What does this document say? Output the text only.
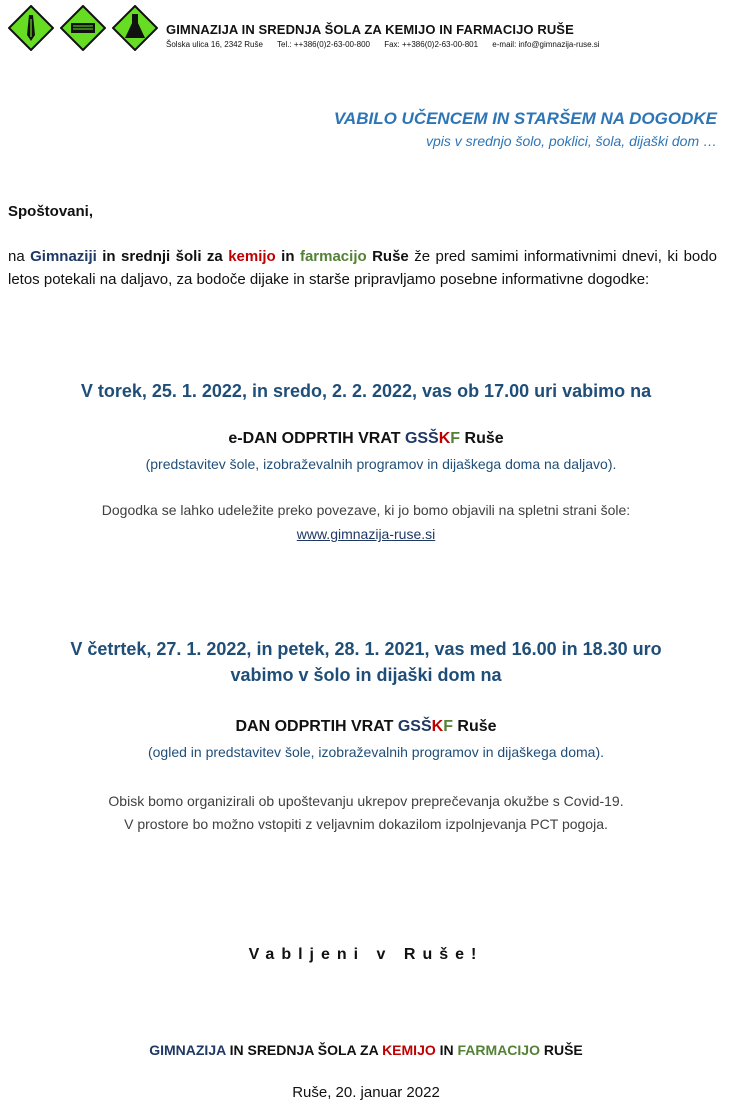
GIMNAZIJA IN SREDNJA ŠOLA ZA KEMIJO IN FARMACIJO RUŠE
Šolska ulica 16, 2342 Ruše Tel.: ++386(0)2-63-00-800 Fax: ++386(0)2-63-00-801 e-mail: info@gimnazija-ruse.si
VABILO UČENCEM IN STARŠEM NA DOGODKE
vpis v srednjo šolo, poklici, šola, dijaški dom …
Spoštovani,
na Gimnaziji in srednji šoli za kemijo in farmacijo Ruše že pred samimi informativnimi dnevi, ki bodo letos potekali na daljavo, za bodoče dijake in starše pripravljamo posebne informativne dogodke:
V torek, 25. 1. 2022, in sredo, 2. 2. 2022, vas ob 17.00 uri vabimo na
e-DAN ODPRTIH VRAT GSŠKF Ruše
(predstavitev šole, izobraževalnih programov in dijaškega doma na daljavo).
Dogodka se lahko udeležite preko povezave, ki jo bomo objavili na spletni strani šole:
www.gimnazija-ruse.si
V četrtek, 27. 1. 2022, in petek, 28. 1. 2021, vas med 16.00 in 18.30 uro
vabimo v šolo in dijaški dom na
DAN ODPRTIH VRAT GSŠKF Ruše
(ogled in predstavitev šole, izobraževalnih programov in dijaškega doma).
Obisk bomo organizirali ob upoštevanju ukrepov preprečevanja okužbe s Covid-19.
V prostore bo možno vstopiti z veljavnim dokazilom izpolnjevanja PCT pogoja.
Vabljeni v Ruše!
GIMNAZIJA IN SREDNJA ŠOLA ZA KEMIJO IN FARMACIJO RUŠE
Ruše, 20. januar 2022
